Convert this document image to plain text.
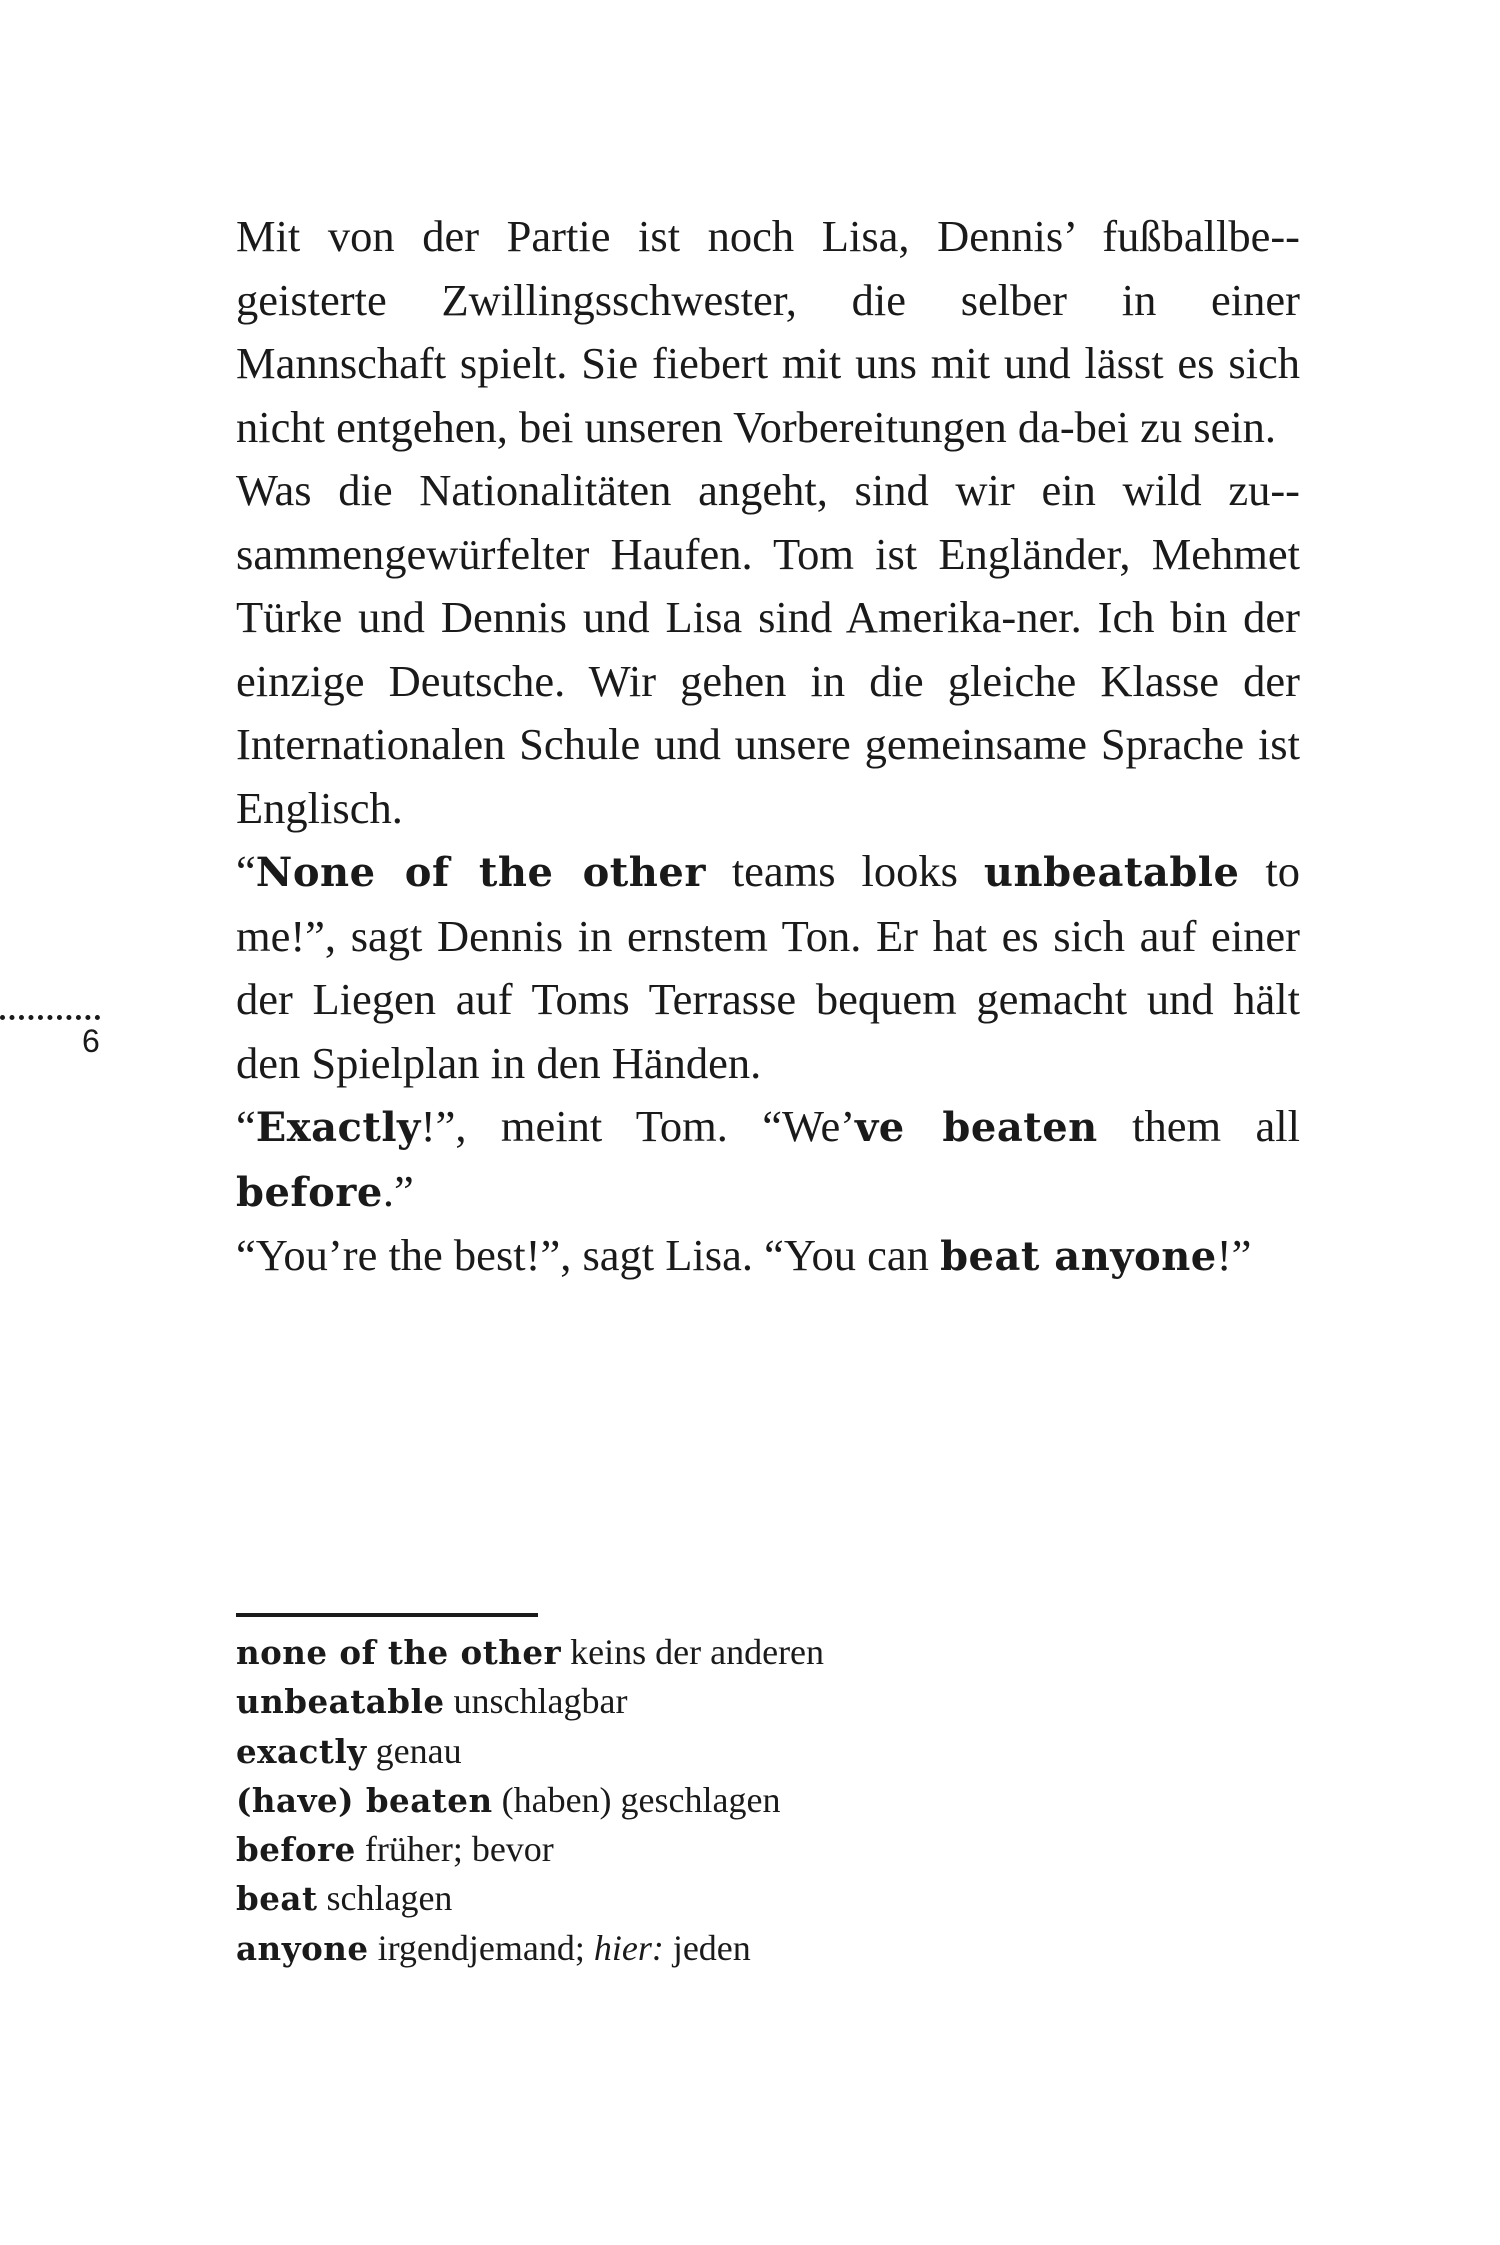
Mit von der Partie ist noch Lisa, Dennis’ fußballbe-geisterte Zwillingsschwester, die selber in einer Mannschaft spielt. Sie fiebert mit uns mit und lässt es sich nicht entgehen, bei unseren Vorbereitungen da-bei zu sein.

Was die Nationalitäten angeht, sind wir ein wild zu-sammengewürfelter Haufen. Tom ist Engländer, Mehmet Türke und Dennis und Lisa sind Amerika-ner. Ich bin der einzige Deutsche. Wir gehen in die gleiche Klasse der Internationalen Schule und unsere gemeinsame Sprache ist Englisch.

“None of the other teams looks unbeatable to me!”, sagt Dennis in ernstem Ton. Er hat es sich auf einer der Liegen auf Toms Terrasse bequem gemacht und hält den Spielplan in den Händen.

“Exactly!”, meint Tom. “We’ve beaten them all before.”

“You’re the best!”, sagt Lisa. “You can beat anyone!”

6
none of the other keins der anderen
unbeatable unschlagbar
exactly genau
(have) beaten (haben) geschlagen
before früher; bevor
beat schlagen
anyone irgendjemand; hier: jeden
